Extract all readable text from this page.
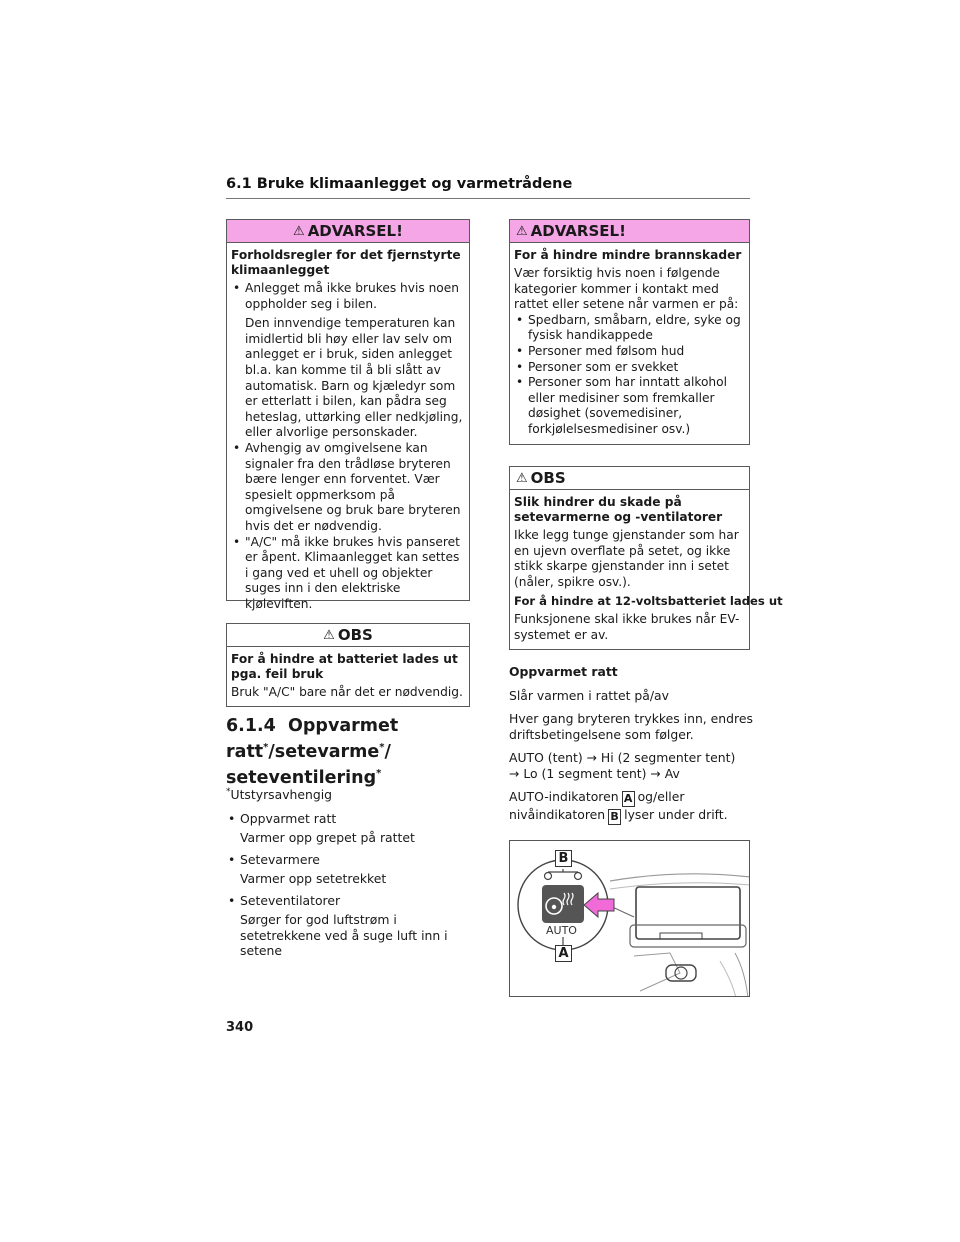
6.1 Bruke klimaanlegget og varmetrådene
⚠ ADVARSEL!
Forholdsregler for det fjernstyrte klimaanlegget
• Anlegget må ikke brukes hvis noen oppholder seg i bilen.
Den innvendige temperaturen kan imidlertid bli høy eller lav selv om anlegget er i bruk, siden anlegget bl.a. kan komme til å bli slått av automatisk. Barn og kjæledyr som er etterlatt i bilen, kan pådra seg heteslag, uttørking eller nedkjøling, eller alvorlige personskader.
• Avhengig av omgivelsene kan signaler fra den trådløse bryteren bære lenger enn forventet. Vær spesielt oppmerksom på omgivelsene og bruk bare bryteren hvis det er nødvendig.
• "A/C" må ikke brukes hvis panseret er åpent. Klimaanlegget kan settes i gang ved et uhell og objekter suges inn i den elektriske kjøleviften.
⚠ OBS
For å hindre at batteriet lades ut pga. feil bruk
Bruk "A/C" bare når det er nødvendig.
6.1.4 Oppvarmet ratt*/setevarme*/ seteventilering*
*Utstyrsavhengig
• Oppvarmet ratt
Varmer opp grepet på rattet
• Setevarmere
Varmer opp setetrekket
• Seteventilatorer
Sørger for god luftstrøm i setetrekkene ved å suge luft inn i setene
⚠ ADVARSEL!
For å hindre mindre brannskader
Vær forsiktig hvis noen i følgende kategorier kommer i kontakt med rattet eller setene når varmen er på:
• Spedbarn, småbarn, eldre, syke og fysisk handikappede
• Personer med følsom hud
• Personer som er svekket
• Personer som har inntatt alkohol eller medisiner som fremkaller døsighet (sovemedisiner, forkjølelsesmedisiner osv.)
⚠ OBS
Slik hindrer du skade på setevarmerne og -ventilatorer
Ikke legg tunge gjenstander som har en ujevn overflate på setet, og ikke stikk skarpe gjenstander inn i setet (nåler, spikre osv.).
For å hindre at 12-voltsbatteriet lades ut
Funksjonene skal ikke brukes når EV-systemet er av.
Oppvarmet ratt
Slår varmen i rattet på/av
Hver gang bryteren trykkes inn, endres driftsbetingelsene som følger.
AUTO (tent) → Hi (2 segmenter tent) → Lo (1 segment tent) → Av
AUTO-indikatoren A og/eller nivåindikatoren B lyser under drift.
B
AUTO
A
340
